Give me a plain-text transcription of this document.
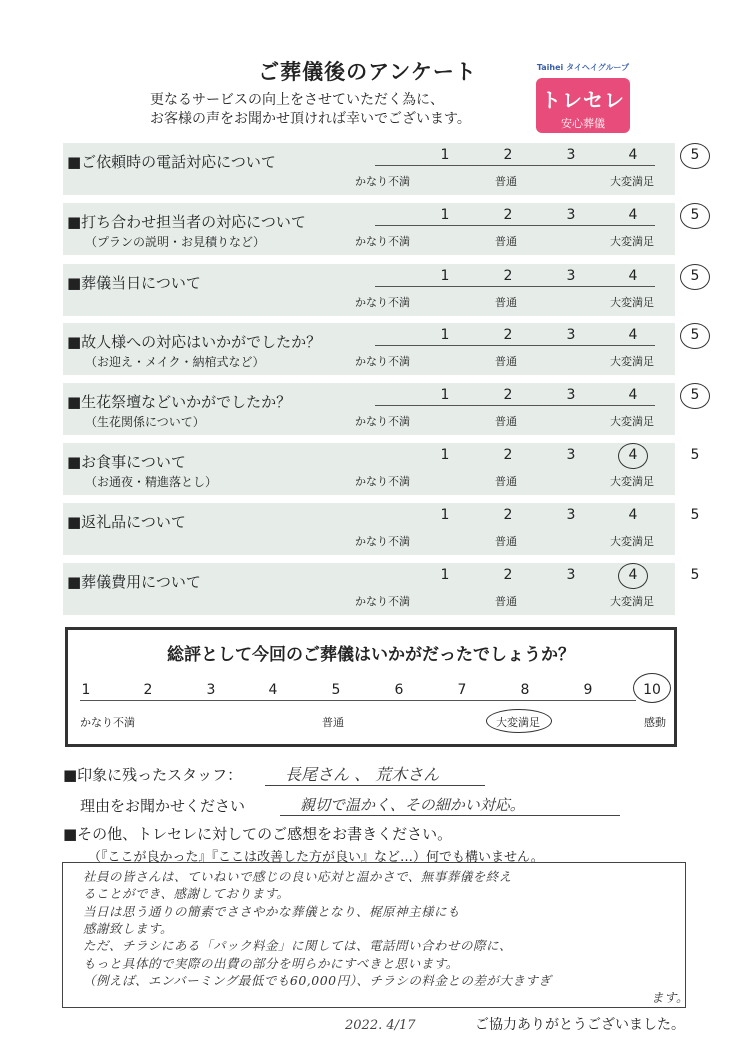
ご葬儀後のアンケート
更なるサービスの向上をさせていただく為に、
お客様の声をお聞かせ頂ければ幸いでございます。
Taihei タイヘイグループ
トレセレ
安心葬儀
■ご依頼時の電話対応について	1	2	3	4	5
かなり不満	普通	大変満足
■打ち合わせ担当者の対応について
（プランの説明・お見積りなど）
1	2	3	4	5
かなり不満	普通	大変満足
■葬儀当日について	1	2	3	4	5
かなり不満	普通	大変満足
■故人様への対応はいかがでしたか？
（お迎え・メイク・納棺式など）
1	2	3	4	5
かなり不満	普通	大変満足
■生花祭壇などいかがでしたか？
（生花関係について）
1	2	3	4	5
かなり不満	普通	大変満足
■お食事について
（お通夜・精進落とし）
1	2	3	4	5
かなり不満	普通	大変満足
■返礼品について	1	2	3	4	5
かなり不満	普通	大変満足
■葬儀費用について	1	2	3	4	5
かなり不満	普通	大変満足
総評として今回のご葬儀はいかがだったでしょうか？
1	2	3	4	5	6	7	8	9	10
かなり不満	普通	大変満足	感動
■印象に残ったスタッフ：	長尾さん 、 荒木さん
理由をお聞かせください	親切で温かく、その細かい対応。
■その他、トレセレに対してのご感想をお書きください。
（『ここが良かった』『ここは改善した方が良い』など…）何でも構いません。
社員の皆さんは、ていねいで感じの良い応対と温かさで、無事葬儀を終え
ることができ、感謝しております。
当日は思う通りの簡素でささやかな葬儀となり、梶原神主様にも
感謝致します。
ただ、チラシにある「パック料金」に関しては、電話問い合わせの際に、
もっと具体的で実際の出費の部分を明らかにすべきと思います。
（例えば、エンバーミング最低でも60,000円）、チラシの料金との差が大きすぎ
ます。
2022. 4/17	ご協力ありがとうございました。
